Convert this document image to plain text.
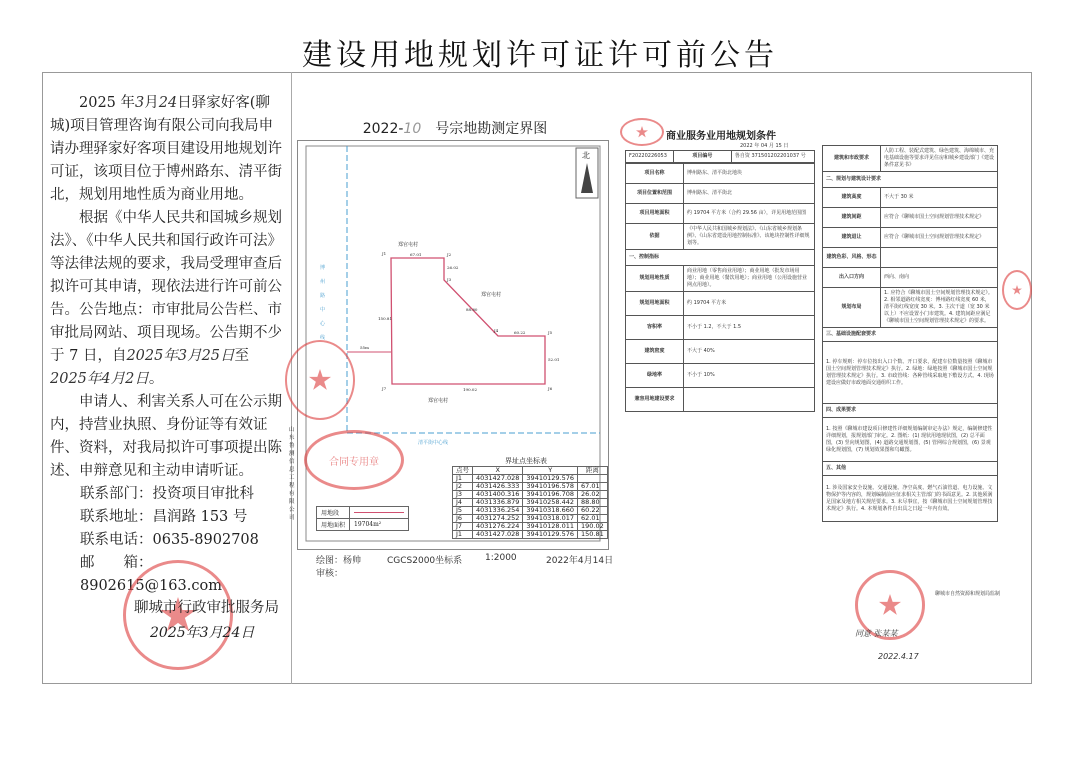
建设用地规划许可证许可前公告

2025 年3月24日驿家好客(聊城)项目管理咨询有限公司向我局申请办理驿家好客项目建设用地规划许可证，该项目位于博州路东、清平街北，规划用地性质为商业用地。

根据《中华人民共和国城乡规划法》、《中华人民共和国行政许可法》等法律法规的要求，我局受理审查后拟许可其申请，现依法进行许可前公告。公告地点：市审批局公告栏、市审批局网站、项目现场。公告期不少于 7 日，自2025年3月25日至2025年4月2日。

申请人、利害关系人可在公示期内，持营业执照、身份证等有效证件、资料，对我局拟许可事项提出陈述、申辩意见和主动申请听证。

联系部门：投资项目审批科
联系地址：昌润路 153 号
联系电话：0635-8902708
邮　　箱：8902615@163.com
聊城市行政审批服务局
2025年3月24日
2022-10　 号宗地勘测定界图
北
郑官屯村
郑官屯村
郑官屯村
博州路中心线
清平街中心线
55m
J1	J2
J3
J4	J5
J6
J7
67.01
26.02
88.80
60.22
52.01
190.02
150.81
山东鲁测信息工程有限公司
合同专用章
用地段	

用地面积	19704m²
界址点坐标表
点号	X	Y	距离
J1	4031427.028	39410129.576	
J2	4031426.333	39410196.578	67.01
J3	4031400.316	39410196.708	26.02
J4	4031336.879	39410258.442	88.80
J5	4031336.254	39410318.660	60.22
J6	4031274.252	39410318.017	62.01
J7	4031276.224	39410128.011	190.02
J1	4031427.028	39410129.576	150.81
绘图：杨帅
审核：
CGCS2000坐标系	1:2000	2022年4月14日
商业服务业用地规划条件
2022 年 04 月 15 日
F20220226053	项目编号	鲁自资 371501202201037 号
项目名称	博州路东、清平街北地块
项目位置和范围	博州路东、清平街北
项目用地面积	约 19704 平方米（合约 29.56 亩），详见用地范围图
依据	《中华人民共和国城乡规划法》、《山东省城乡规划条例》、《山东省建设用地控制标准》、该地块控制性详细规划等。
一、控制指标	
规划用地性质	商业用地（零售商业用地）；商业用地（批发市场用地）；商业用地（餐饮用地）；商业用地（公用设施营业网点用地）。
规划用地面积	约 19704 平方米
容积率	不小于 1.2，不大于 1.5
建筑密度	不大于 40%
绿地率	不小于 10%
兼容用地建设要求	
建筑和市政要求	人防工程、装配式建筑、绿色建筑、海绵城市、充电基础设施等要求详见住房和城乡建设部门《建设条件意见书》
二、规划与建筑设计要求	
建筑高度	不大于 30 米
建筑间距	应符合《聊城市国土空间规划管理技术规定》
建筑退让	应符合《聊城市国土空间规划管理技术规定》
建筑色彩、风格、形态	
出入口方向	西向、南向
规划布局	1. 应符合《聊城市国土空间规划管理技术规定》。2. 相邻道路红线宽度：博州路红线宽度 60 米，清平街红线宽度 30 米。3. 主次干道（宽 30 米以上）不应设置小门市建筑。4. 建筑间距应满足《聊城市国土空间规划管理技术规定》的要求。
三、基础设施配套要求	
1. 停车规则：停车位按出入口个数、开口要求，配建车位数量按照《聊城市国土空间规划管理技术规定》执行。2. 绿地：绿地按照《聊城市国土空间规划管理技术规定》执行。3. 市政管线：各种管线采取地下敷设方式。4. 现场建设应做好市政地面交通组织工作。	
四、成果要求	
1. 按照《聊城市建设项目修建性详细规划编制审定办法》规定，编制修建性详细规划，报规划部门审定。2. 图纸：(1) 现状用地现状图，(2) 总平面图，(3) 竖向规划图，(4) 道路交通规划图，(5) 管网综合规划图，(6) 景观绿化规划图，(7) 规划效果图和鸟瞰图。	
五、其他	
1. 涉及国家安全设施、交通设施、净空高度、燃气石油管道、电力设施、文物保护等内容的，规划编制前应征求相关主管部门的书面意见。2. 其他须满足国家及地方相关规范要求。3. 未尽事宜，按《聊城市国土空间规划管理技术规定》执行。4. 本规划条件自出具之日起一年内有效。	
聊城市自然资源和规划局监制
同意 张某某
2022.4.17
